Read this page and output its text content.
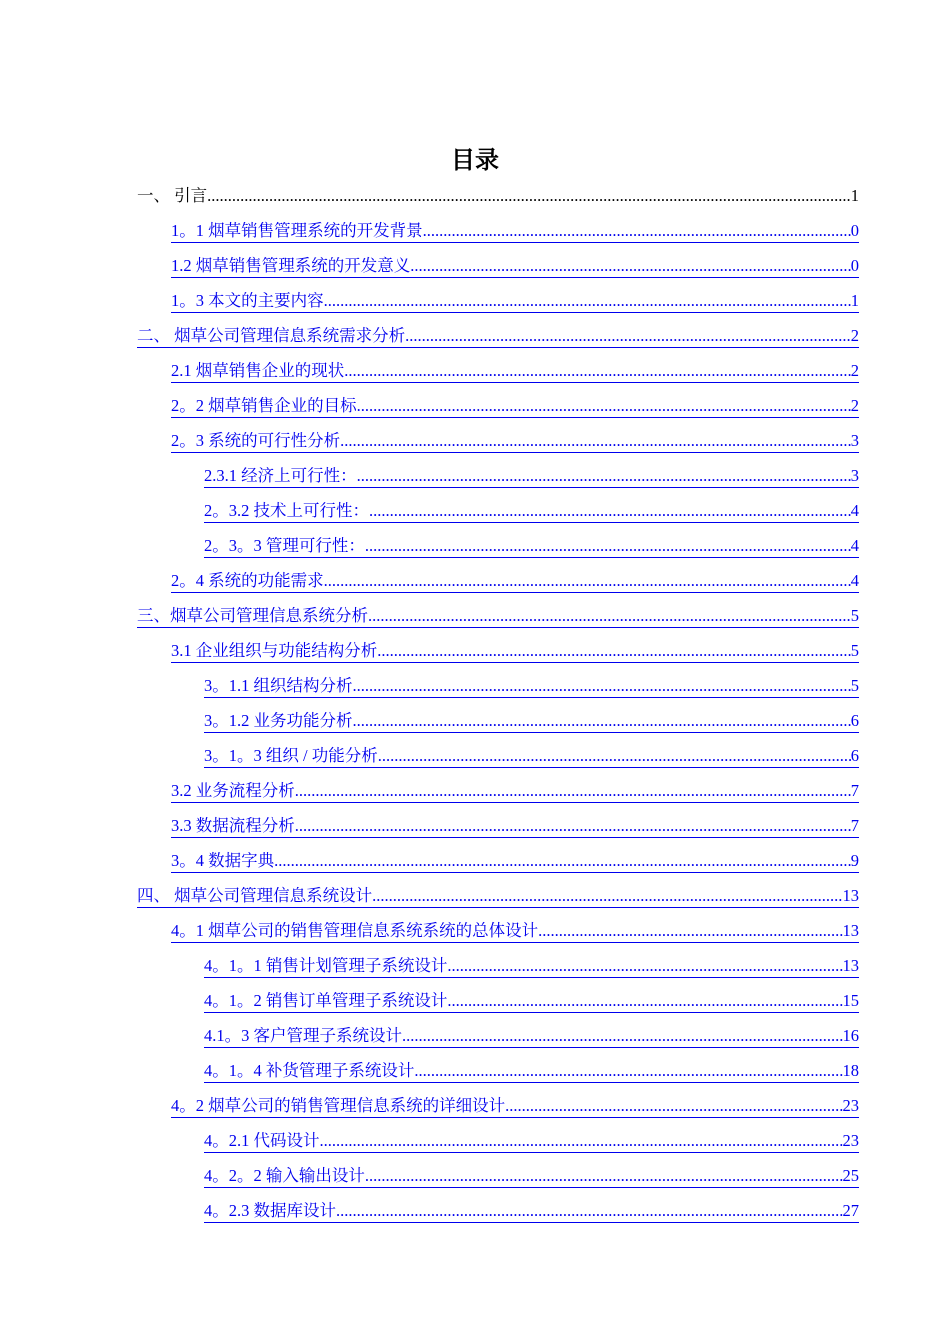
目录
一、 引言 .....	1
1。1 烟草销售管理系统的开发背景 .....	0
1.2 烟草销售管理系统的开发意义 .....	0
1。3 本文的主要内容 .....	1
二、 烟草公司管理信息系统需求分析 .....	2
2.1 烟草销售企业的现状 .....	2
2。2 烟草销售企业的目标 .....	2
2。3 系统的可行性分析 .....	3
2.3.1 经济上可行性： .....	3
2。3.2 技术上可行性： .....	4
2。3。3 管理可行性： .....	4
2。4 系统的功能需求 .....	4
三、烟草公司管理信息系统分析 .....	5
3.1 企业组织与功能结构分析 .....	5
3。1.1 组织结构分析 .....	5
3。1.2 业务功能分析 .....	6
3。1。3 组织 / 功能分析 .....	6
3.2 业务流程分析 .....	7
3.3 数据流程分析 .....	7
3。4 数据字典 .....	9
四、 烟草公司管理信息系统设计 .....	13
4。1 烟草公司的销售管理信息系统系统的总体设计 .....	13
4。1。1 销售计划管理子系统设计 .....	13
4。1。2 销售订单管理子系统设计 .....	15
4.1。3 客户管理子系统设计 .....	16
4。1。4 补货管理子系统设计 .....	18
4。2 烟草公司的销售管理信息系统的详细设计 .....	23
4。2.1 代码设计 .....	23
4。2。2 输入输出设计 .....	25
4。2.3 数据库设计 .....	27
